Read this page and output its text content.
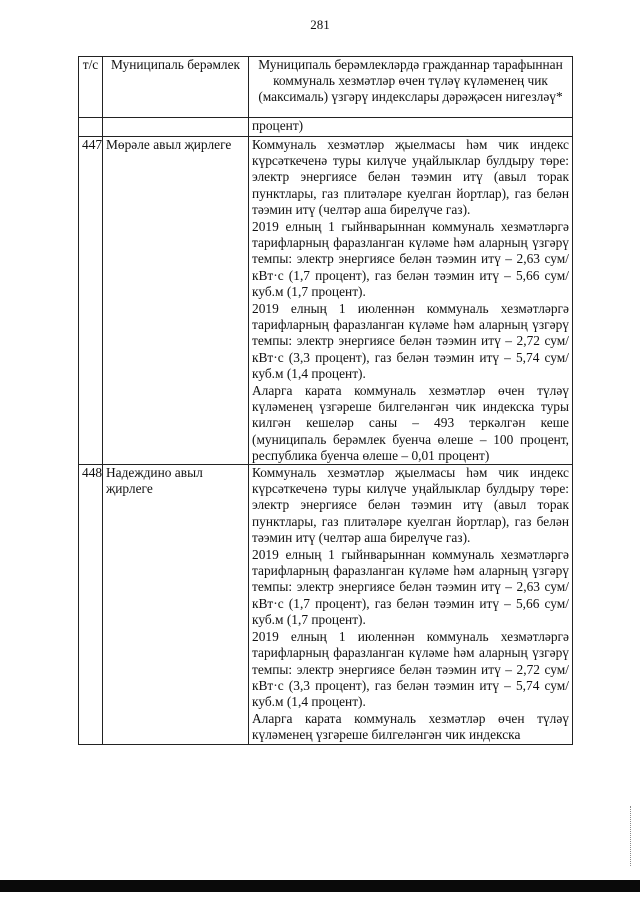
281
т/с	Муниципаль берәмлек	Муниципаль берәмлекләрдә гражданнар тарафыннан коммуналь хезмәтләр өчен түләү күләменең чик (максималь) үзгәрү индекслары дәрәҗәсен нигезләү*
		процент)
447	Мөрәле авыл җирлеге	Коммуналь хезмәтләр җыелмасы һәм чик индекс күрсәткеченә туры килүче уңайлыклар булдыру төре: электр энергиясе белән тәэмин итү (авыл торак пунктлары, газ плитәләре куелган йортлар), газ белән тәэмин итү (челтәр аша бирелүче газ).

2019 елның 1 гыйнварыннан коммуналь хезмәтләргә тарифларның фаразланган күләме һәм аларның үзгәрү темпы: электр энергиясе белән тәэмин итү – 2,63 сум/кВт·с (1,7 процент), газ белән тәэмин итү – 5,66 сум/куб.м (1,7 процент).

2019 елның 1 июленнән коммуналь хезмәтләргә тарифларның фаразланган күләме һәм аларның үзгәрү темпы: электр энергиясе белән тәэмин итү – 2,72 сум/кВт·с (3,3 процент), газ белән тәэмин итү – 5,74 сум/куб.м (1,4 процент).

Аларга карата коммуналь хезмәтләр өчен түләү күләменең үзгәреше билгеләнгән чик индекска туры килгән кешеләр саны – 493 теркәлгән кеше (муниципаль берәмлек буенча өлеше – 100 процент, республика буенча өлеше – 0,01 процент)

448	Надеждино авыл җирлеге	Коммуналь хезмәтләр җыелмасы һәм чик индекс күрсәткеченә туры килүче уңайлыклар булдыру төре: электр энергиясе белән тәэмин итү (авыл торак пунктлары, газ плитәләре куелган йортлар), газ белән тәэмин итү (челтәр аша бирелүче газ).

2019 елның 1 гыйнварыннан коммуналь хезмәтләргә тарифларның фаразланган күләме һәм аларның үзгәрү темпы: электр энергиясе белән тәэмин итү – 2,63 сум/кВт·с (1,7 процент), газ белән тәэмин итү – 5,66 сум/куб.м (1,7 процент).

2019 елның 1 июленнән коммуналь хезмәтләргә тарифларның фаразланган күләме һәм аларның үзгәрү темпы: электр энергиясе белән тәэмин итү – 2,72 сум/кВт·с (3,3 процент), газ белән тәэмин итү – 5,74 сум/куб.м (1,4 процент).

Аларга карата коммуналь хезмәтләр өчен түләү күләменең үзгәреше билгеләнгән чик индекска
